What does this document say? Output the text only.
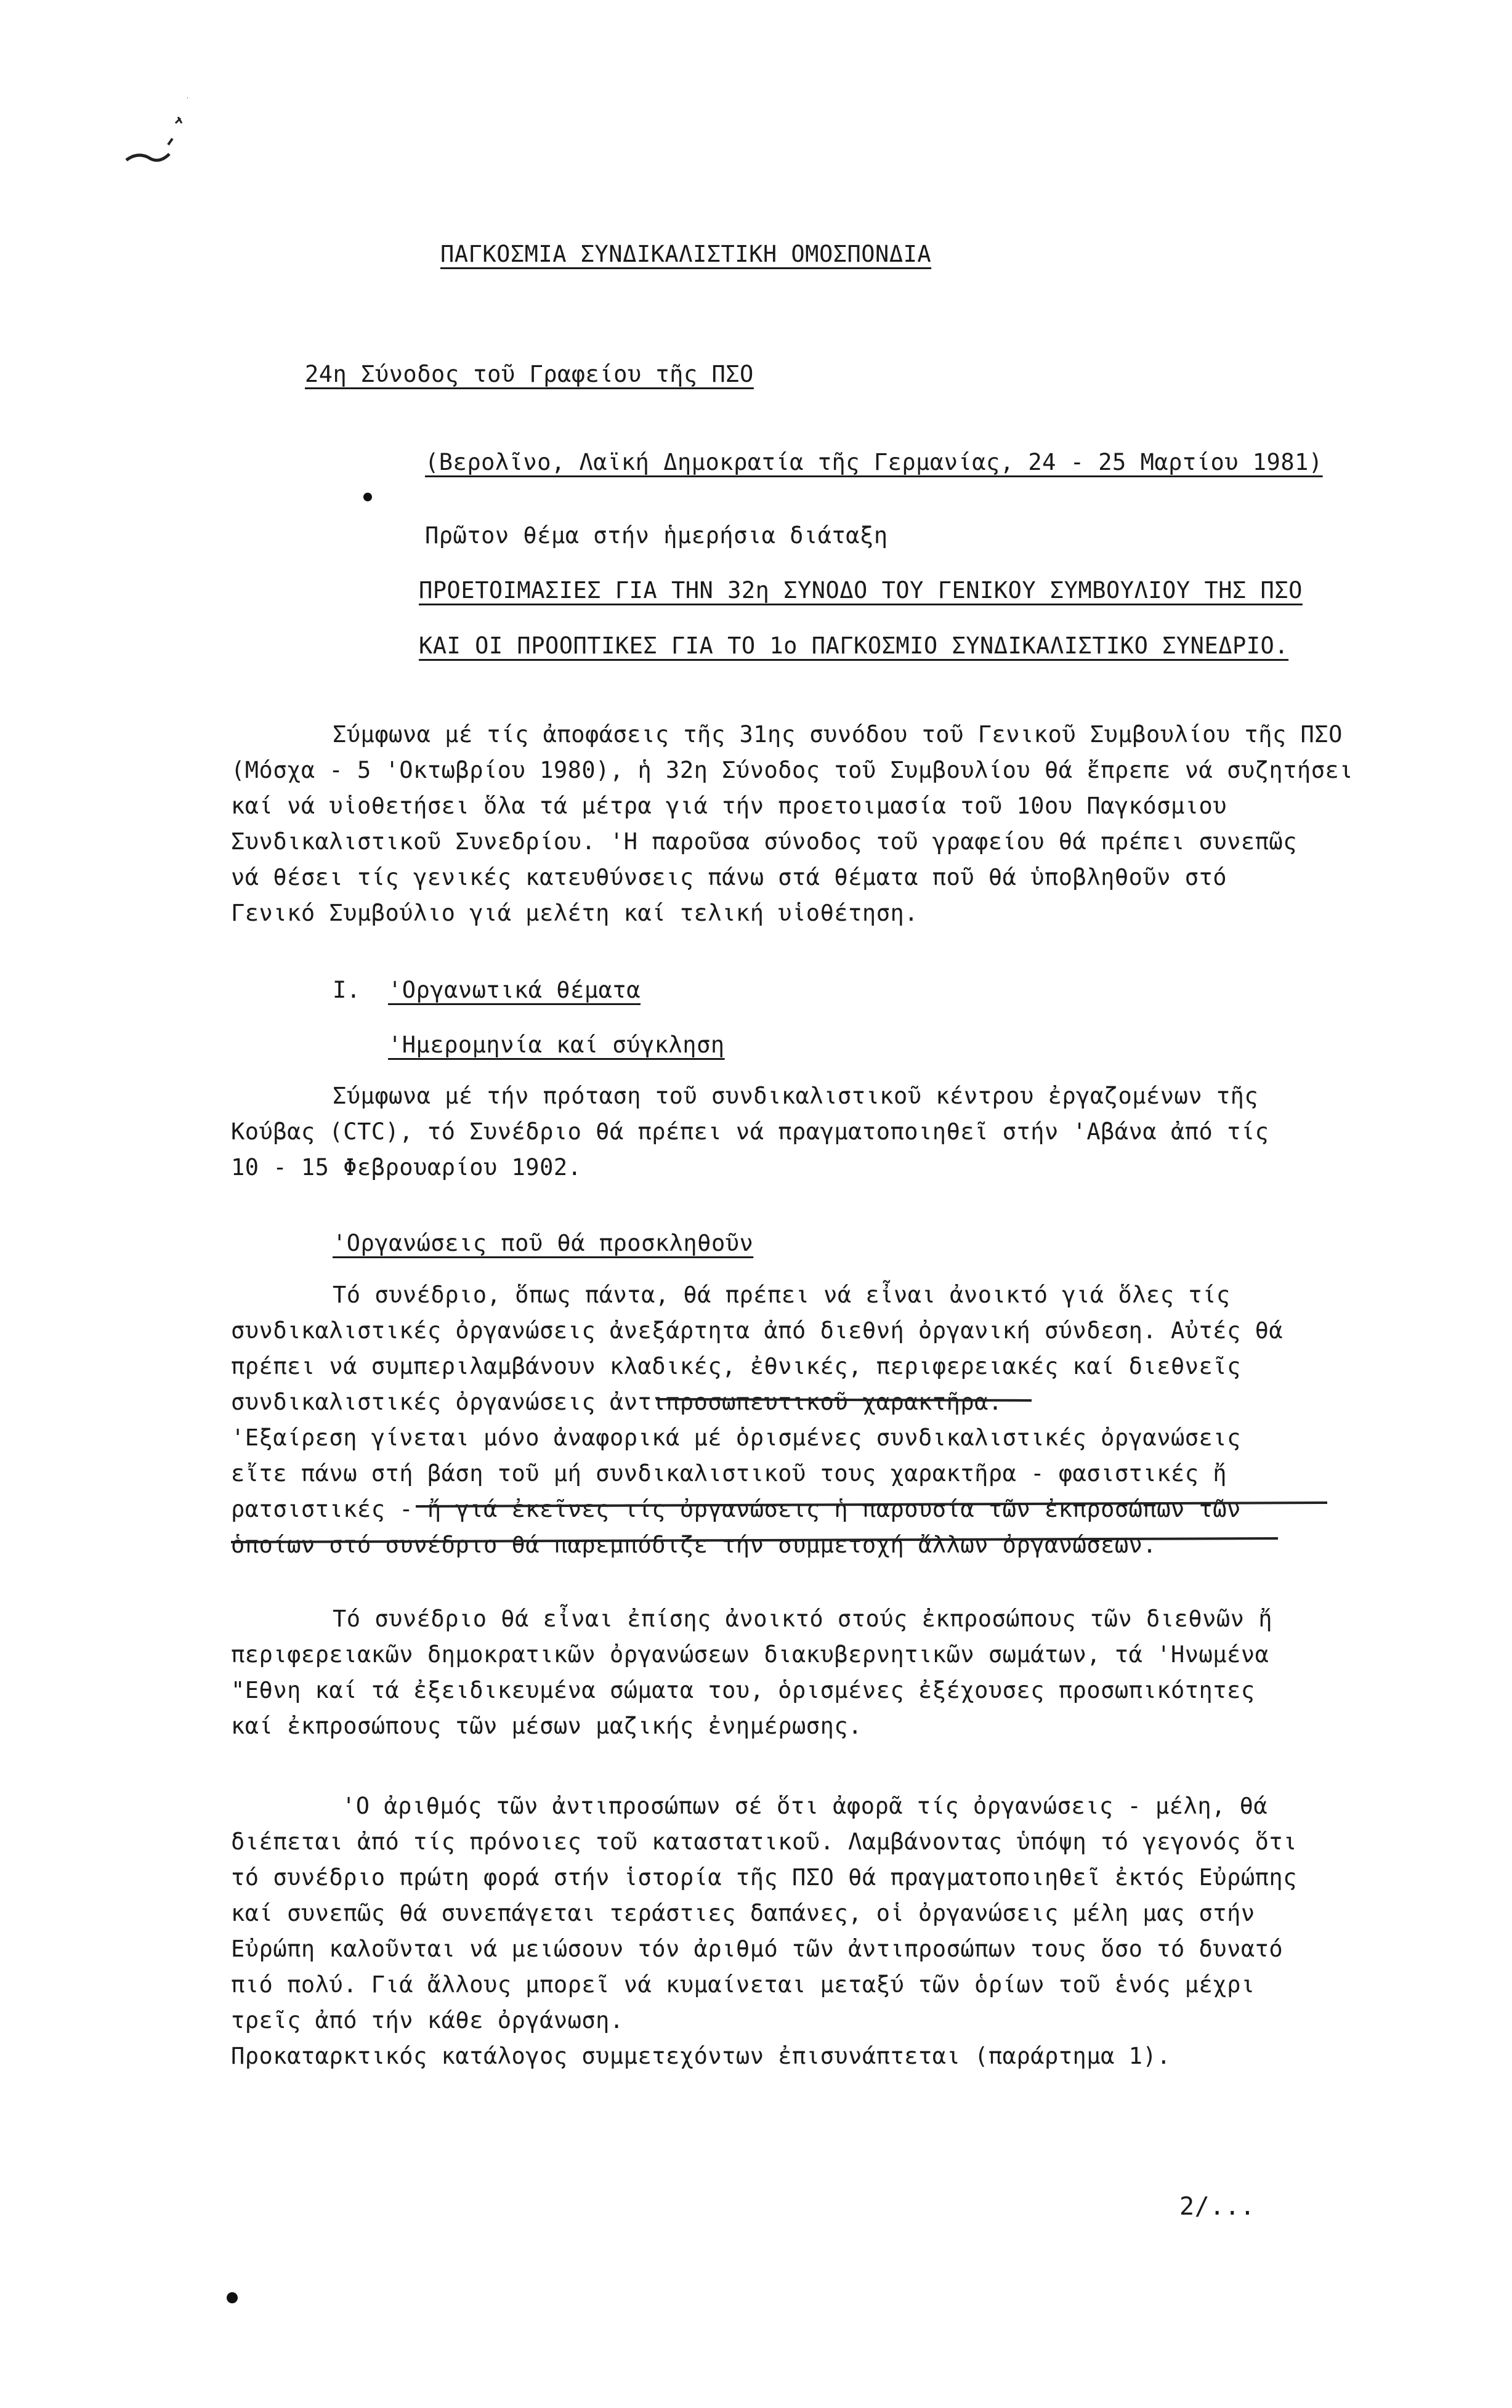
ΠΑΓΚΟΣΜΙΑ ΣΥΝΔΙΚΑΛΙΣΤΙΚΗ ΟΜΟΣΠΟΝΔΙΑ
24η Σύνοδος τοῦ Γραφείου τῆς ΠΣΟ
(Βερολῖνο, Λαϊκή Δημοκρατία τῆς Γερμανίας, 24 - 25 Μαρτίου 1981)
Πρῶτον θέμα στήν ἡμερήσια διάταξη
ΠΡΟΕΤΟΙΜΑΣΙΕΣ ΓΙΑ ΤΗΝ 32η ΣΥΝΟΔΟ ΤΟΥ ΓΕΝΙΚΟΥ ΣΥΜΒΟΥΛΙΟΥ ΤΗΣ ΠΣΟ
ΚΑΙ ΟΙ ΠΡΟΟΠΤΙΚΕΣ ΓΙΑ ΤΟ 1ο ΠΑΓΚΟΣΜΙΟ ΣΥΝΔΙΚΑΛΙΣΤΙΚΟ ΣΥΝΕΔΡΙΟ.
Σύμφωνα μέ τίς ἀποφάσεις τῆς 31ης συνόδου τοῦ Γενικοῦ Συμβουλίου τῆς ΠΣΟ
(Μόσχα - 5 'Οκτωβρίου 1980), ἡ 32η Σύνοδος τοῦ Συμβουλίου θά ἔπρεπε νά συζητήσει
καί νά υἱοθετήσει ὅλα τά μέτρα γιά τήν προετοιμασία τοῦ 10ου Παγκόσμιου
Συνδικαλιστικοῦ Συνεδρίου. 'Η παροῦσα σύνοδος τοῦ γραφείου θά πρέπει συνεπῶς
νά θέσει τίς γενικές κατευθύνσεις πάνω στά θέματα ποῦ θά ὑποβληθοῦν στό
Γενικό Συμβούλιο γιά μελέτη καί τελική υἱοθέτηση.
I. 'Οργανωτικά θέματα
'Ημερομηνία καί σύγκληση
Σύμφωνα μέ τήν πρόταση τοῦ συνδικαλιστικοῦ κέντρου ἐργαζομένων τῆς
Κούβας (CTC), τό Συνέδριο θά πρέπει νά πραγματοποιηθεῖ στήν 'Αβάνα ἀπό τίς
10 - 15 Φεβρουαρίου 1902.
'Οργανώσεις ποῦ θά προσκληθοῦν
Τό συνέδριο, ὅπως πάντα, θά πρέπει νά εἶναι ἀνοικτό γιά ὅλες τίς
συνδικαλιστικές ὀργανώσεις ἀνεξάρτητα ἀπό διεθνή ὀργανική σύνδεση. Αὐτές θά
πρέπει νά συμπεριλαμβάνουν κλαδικές, ἐθνικές, περιφερειακές καί διεθνεῖς
συνδικαλιστικές ὀργανώσεις ἀντιπροσωπευτικοῦ χαρακτῆρα.
'Εξαίρεση γίνεται μόνο ἀναφορικά μέ ὁρισμένες συνδικαλιστικές ὀργανώσεις
εἴτε πάνω στή βάση τοῦ μή συνδικαλιστικοῦ τους χαρακτῆρα - φασιστικές ἤ
ρατσιστικές - ἤ γιά ἐκεῖνες τίς ὀργανώσεις ἡ παρουσία τῶν ἐκπροσώπων τῶν
ὁποίων στό συνέδριο θά παρεμπόδιζε τήν συμμετοχή ἄλλων ὀργανώσεων.
Τό συνέδριο θά εἶναι ἐπίσης ἀνοικτό στούς ἐκπροσώπους τῶν διεθνῶν ἤ
περιφερειακῶν δημοκρατικῶν ὀργανώσεων διακυβερνητικῶν σωμάτων, τά 'Ηνωμένα
"Εθνη καί τά ἐξειδικευμένα σώματα του, ὁρισμένες ἐξέχουσες προσωπικότητες
καί ἐκπροσώπους τῶν μέσων μαζικής ἐνημέρωσης.
'Ο ἀριθμός τῶν ἀντιπροσώπων σέ ὅτι ἀφορᾶ τίς ὀργανώσεις - μέλη, θά
διέπεται ἀπό τίς πρόνοιες τοῦ καταστατικοῦ. Λαμβάνοντας ὑπόψη τό γεγονός ὅτι
τό συνέδριο πρώτη φορά στήν ἱστορία τῆς ΠΣΟ θά πραγματοποιηθεῖ ἐκτός Εὐρώπης
καί συνεπῶς θά συνεπάγεται τεράστιες δαπάνες, οἱ ὀργανώσεις μέλη μας στήν
Εὐρώπη καλοῦνται νά μειώσουν τόν ἀριθμό τῶν ἀντιπροσώπων τους ὅσο τό δυνατό
πιό πολύ. Γιά ἄλλους μπορεῖ νά κυμαίνεται μεταξύ τῶν ὁρίων τοῦ ἑνός μέχρι
τρεῖς ἀπό τήν κάθε ὀργάνωση.
Προκαταρκτικός κατάλογος συμμετεχόντων ἐπισυνάπτεται (παράρτημα 1).
2/...
